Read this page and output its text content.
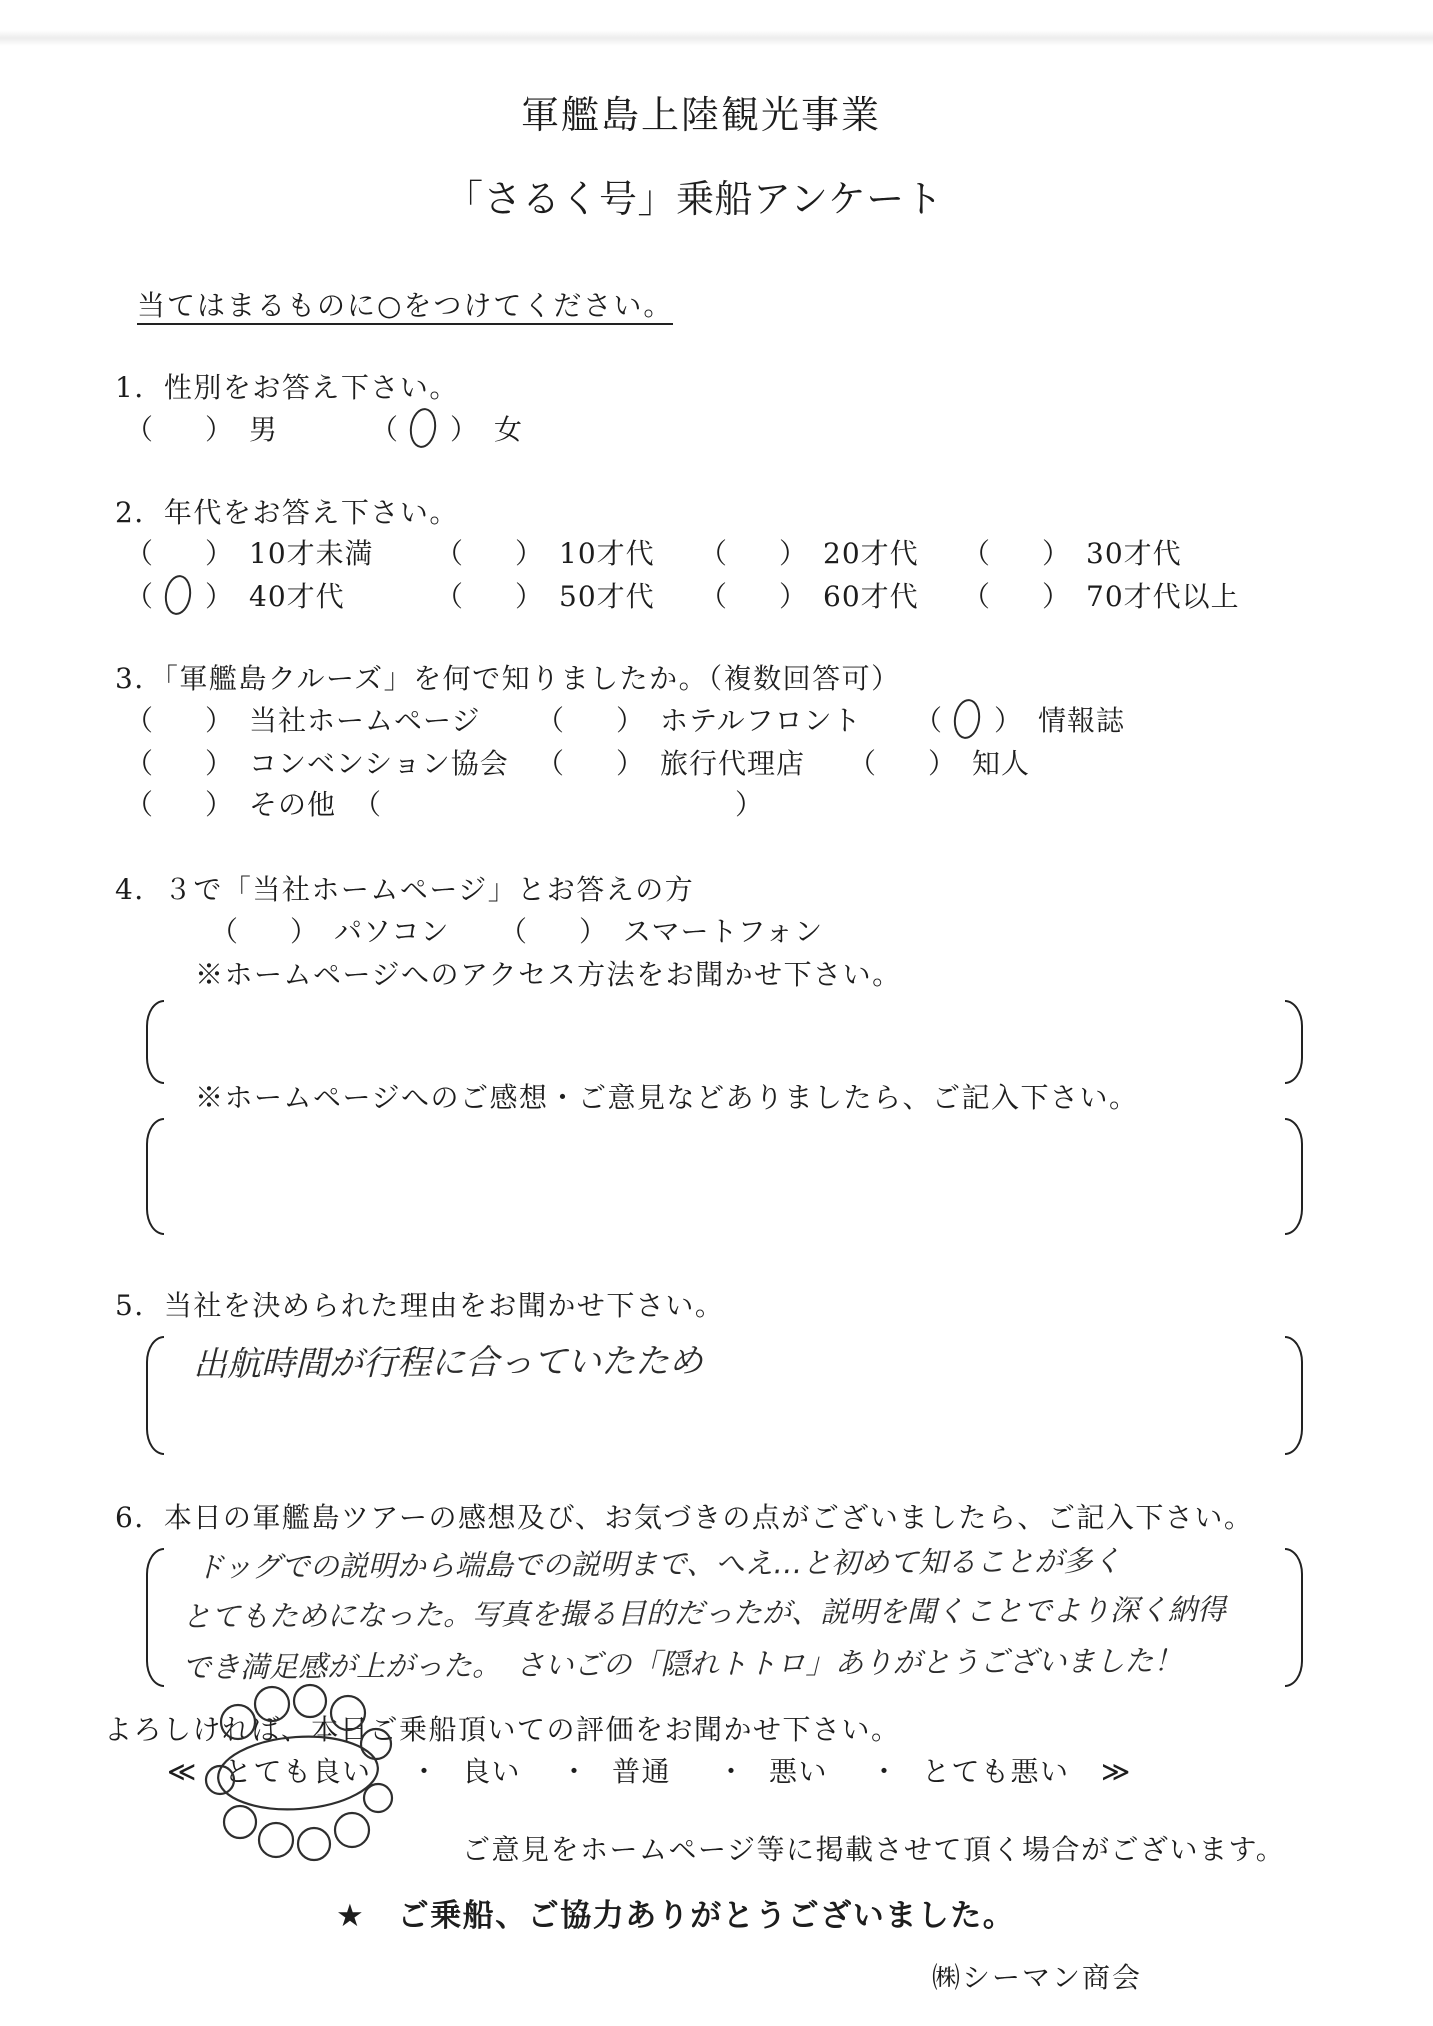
軍艦島上陸観光事業
「さるく号」乗船アンケート
当てはまるものに○をつけてください。
1．性別をお答え下さい。
（ ） 男	（ ） 女
2．年代をお答え下さい。
（ ） 10才未満 （ ） 10才代 （ ） 20才代 （ ） 30才代
（ ） 40才代	（ ） 50才代 （ ） 60才代 （ ） 70才代以上
3．「軍艦島クルーズ」を何で知りましたか。（複数回答可）
（ ） 当社ホームページ （ ） ホテルフロント （ ） 情報誌
（ ） コンベンション協会 （ ） 旅行代理店 （ ） 知人
（ ） その他 （	）
4．３で「当社ホームページ」とお答えの方
（ ） パソコン （ ） スマートフォン
※ホームページへのアクセス方法をお聞かせ下さい。
※ホームページへのご感想・ご意見などありましたら、ご記入下さい。
5．当社を決められた理由をお聞かせ下さい。
出航時間が行程に合っていたため
6．本日の軍艦島ツアーの感想及び、お気づきの点がございましたら、ご記入下さい。
ドッグでの説明から端島での説明まで、へえ…と初めて知ることが多く
とてもためになった。写真を撮る目的だったが、説明を聞くことでより深く納得
でき満足感が上がった。　さいごの「隠れトトロ」ありがとうございました！
よろしければ、本日ご乗船頂いての評価をお聞かせ下さい。
≪ とても良い ・ 良い ・ 普通 ・ 悪い ・ とても悪い ≫
ご意見をホームページ等に掲載させて頂く場合がございます。
★　ご乗船、ご協力ありがとうございました。
㈱シーマン商会
